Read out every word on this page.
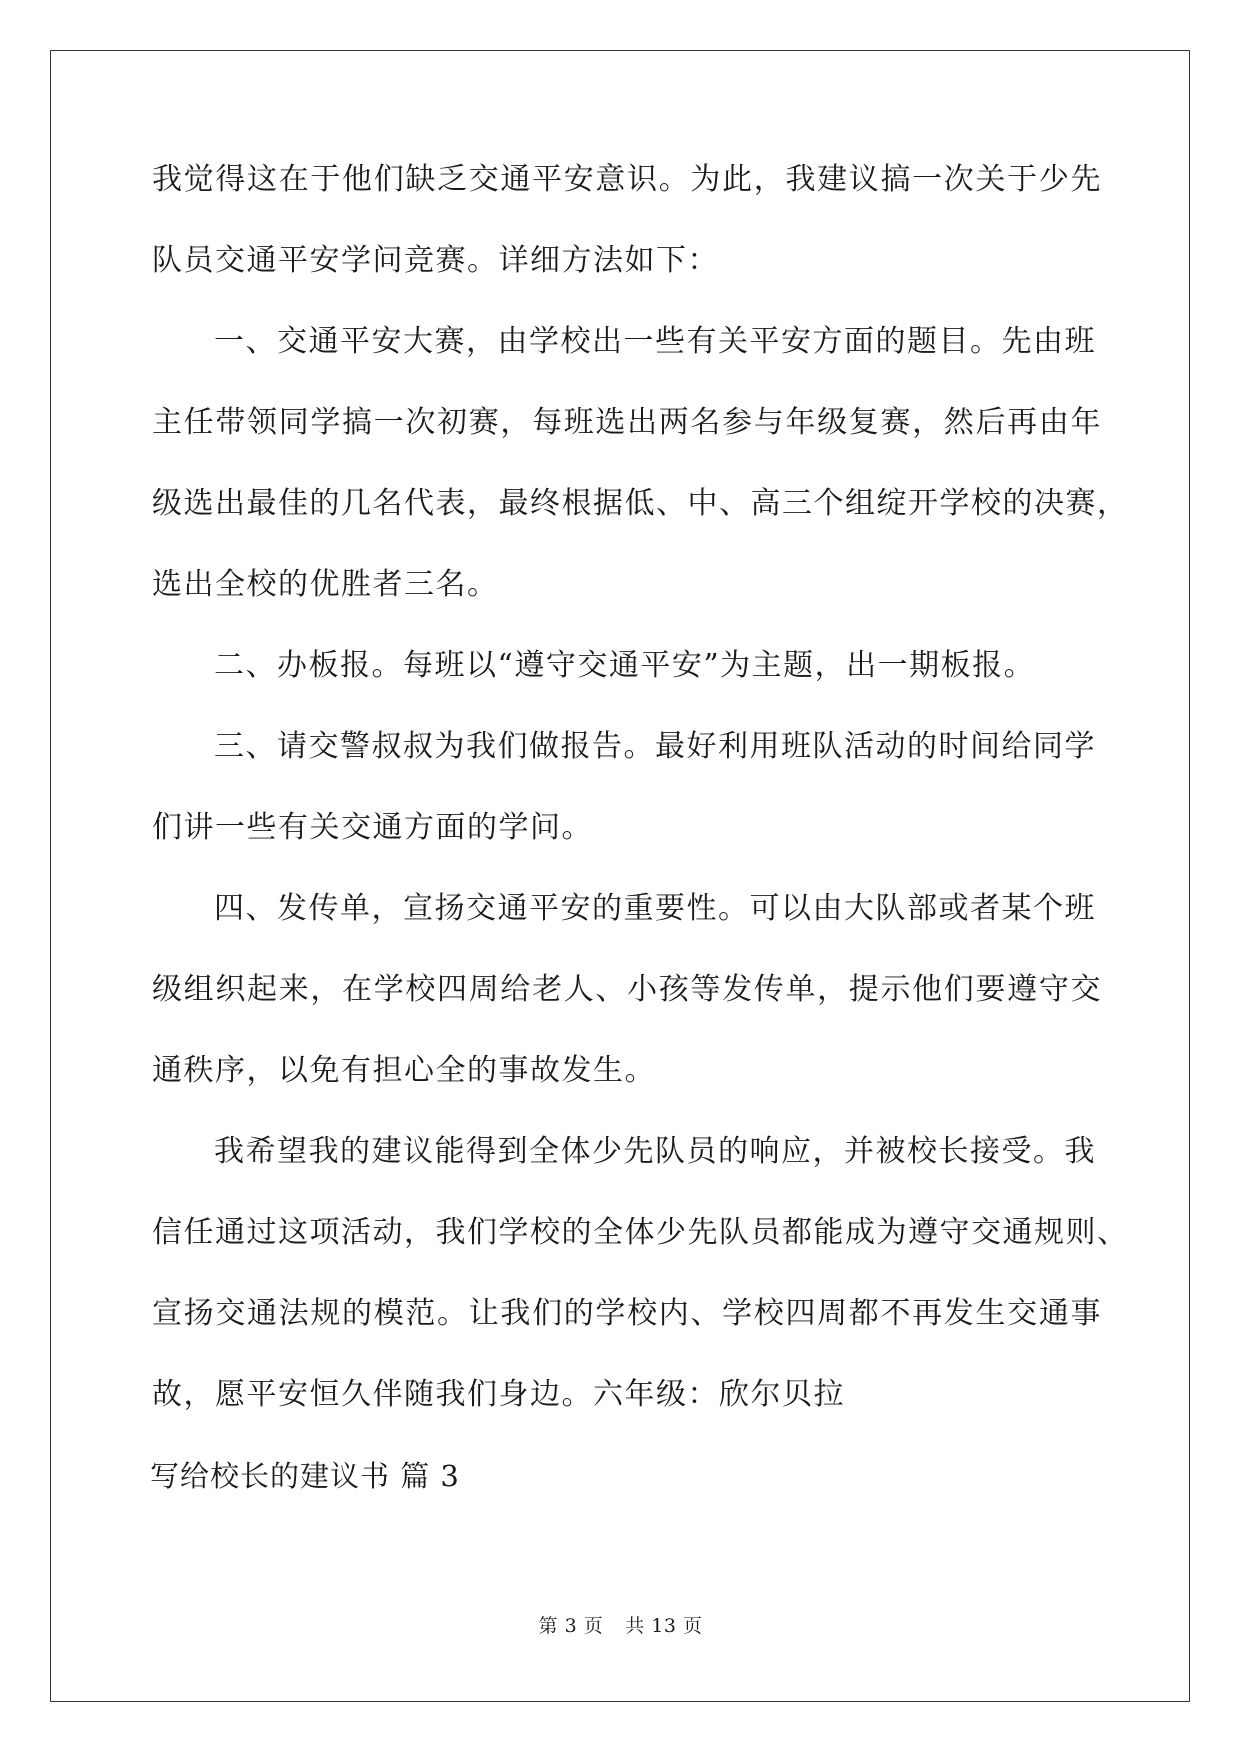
我觉得这在于他们缺乏交通平安意识。为此，我建议搞一次关于少先
队员交通平安学问竞赛。详细方法如下：
一、交通平安大赛，由学校出一些有关平安方面的题目。先由班
主任带领同学搞一次初赛，每班选出两名参与年级复赛，然后再由年
级选出最佳的几名代表，最终根据低、中、高三个组绽开学校的决赛，
选出全校的优胜者三名。
二、办板报。每班以“遵守交通平安”为主题，出一期板报。
三、请交警叔叔为我们做报告。最好利用班队活动的时间给同学
们讲一些有关交通方面的学问。
四、发传单，宣扬交通平安的重要性。可以由大队部或者某个班
级组织起来，在学校四周给老人、小孩等发传单，提示他们要遵守交
通秩序，以免有担心全的事故发生。
我希望我的建议能得到全体少先队员的响应，并被校长接受。我
信任通过这项活动，我们学校的全体少先队员都能成为遵守交通规则、
宣扬交通法规的模范。让我们的学校内、学校四周都不再发生交通事
故，愿平安恒久伴随我们身边。六年级：欣尔贝拉
写给校长的建议书 篇 3
第 3 页 共 13 页
